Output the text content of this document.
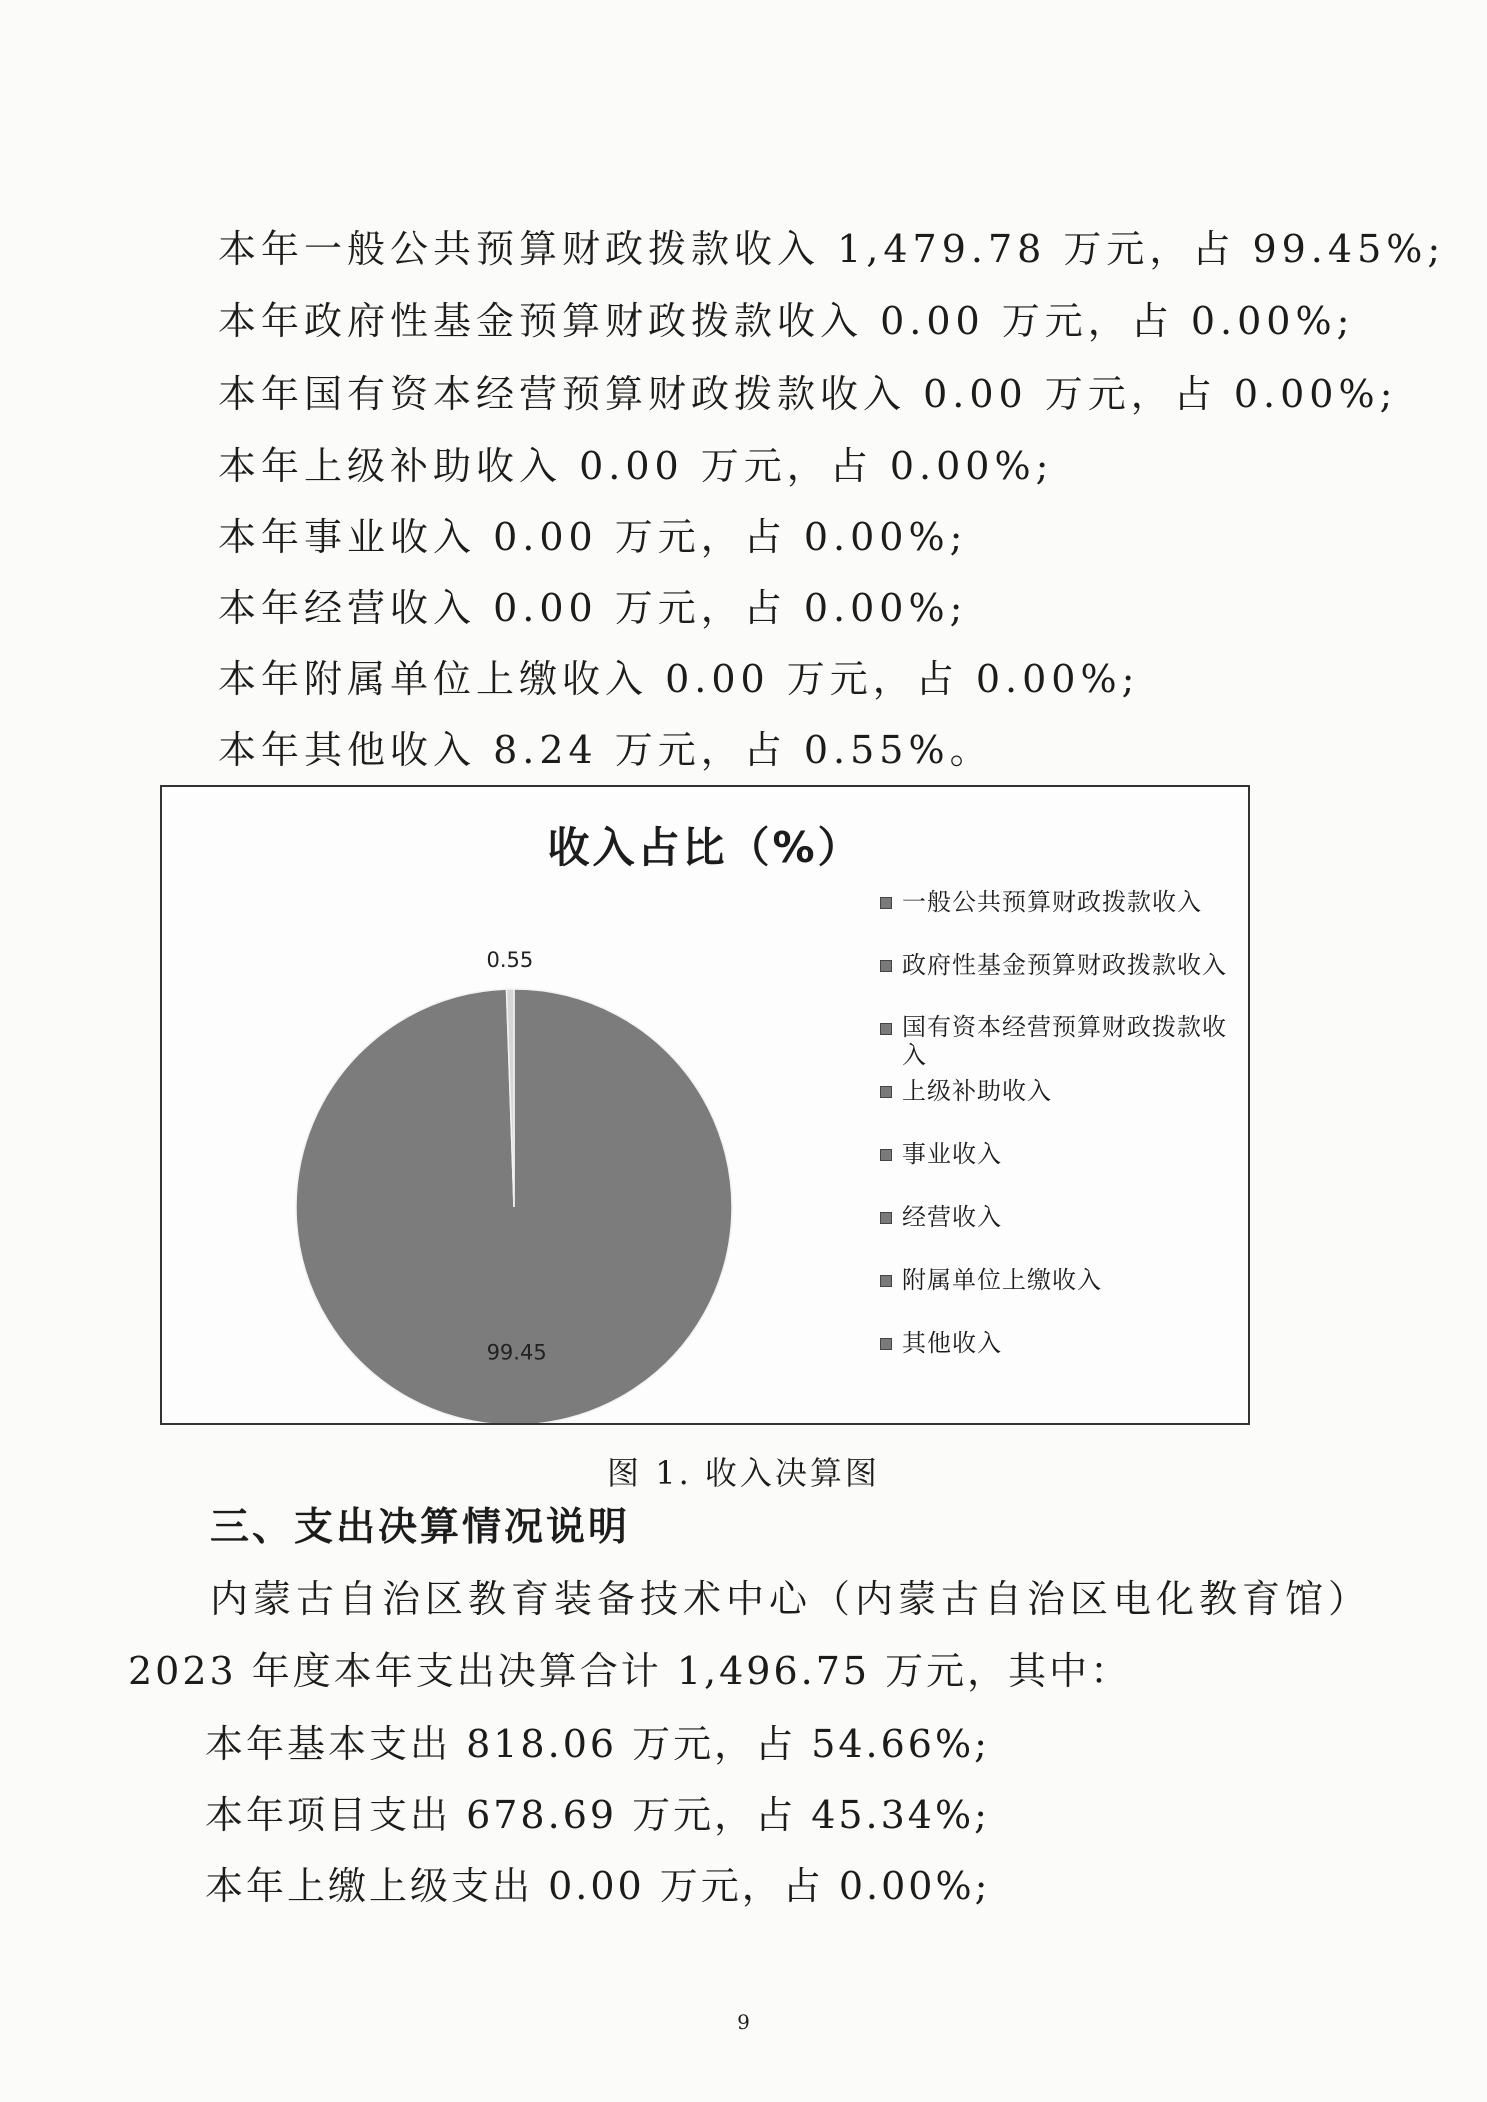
本年一般公共预算财政拨款收入 1,479.78 万元，占 99.45%;
本年政府性基金预算财政拨款收入 0.00 万元，占 0.00%;
本年国有资本经营预算财政拨款收入 0.00 万元，占 0.00%;
本年上级补助收入 0.00 万元，占 0.00%;
本年事业收入 0.00 万元，占 0.00%;
本年经营收入 0.00 万元，占 0.00%;
本年附属单位上缴收入 0.00 万元，占 0.00%;
本年其他收入 8.24 万元，占 0.55%。
收入占比（%）
99.45
0.55
一般公共预算财政拨款收入
政府性基金预算财政拨款收入
国有资本经营预算财政拨款收入
上级补助收入
事业收入
经营收入
附属单位上缴收入
其他收入
图 1. 收入决算图
三、支出决算情况说明
内蒙古自治区教育装备技术中心（内蒙古自治区电化教育馆）
2023 年度本年支出决算合计 1,496.75 万元，其中：
本年基本支出 818.06 万元，占 54.66%;
本年项目支出 678.69 万元，占 45.34%;
本年上缴上级支出 0.00 万元，占 0.00%;
9
